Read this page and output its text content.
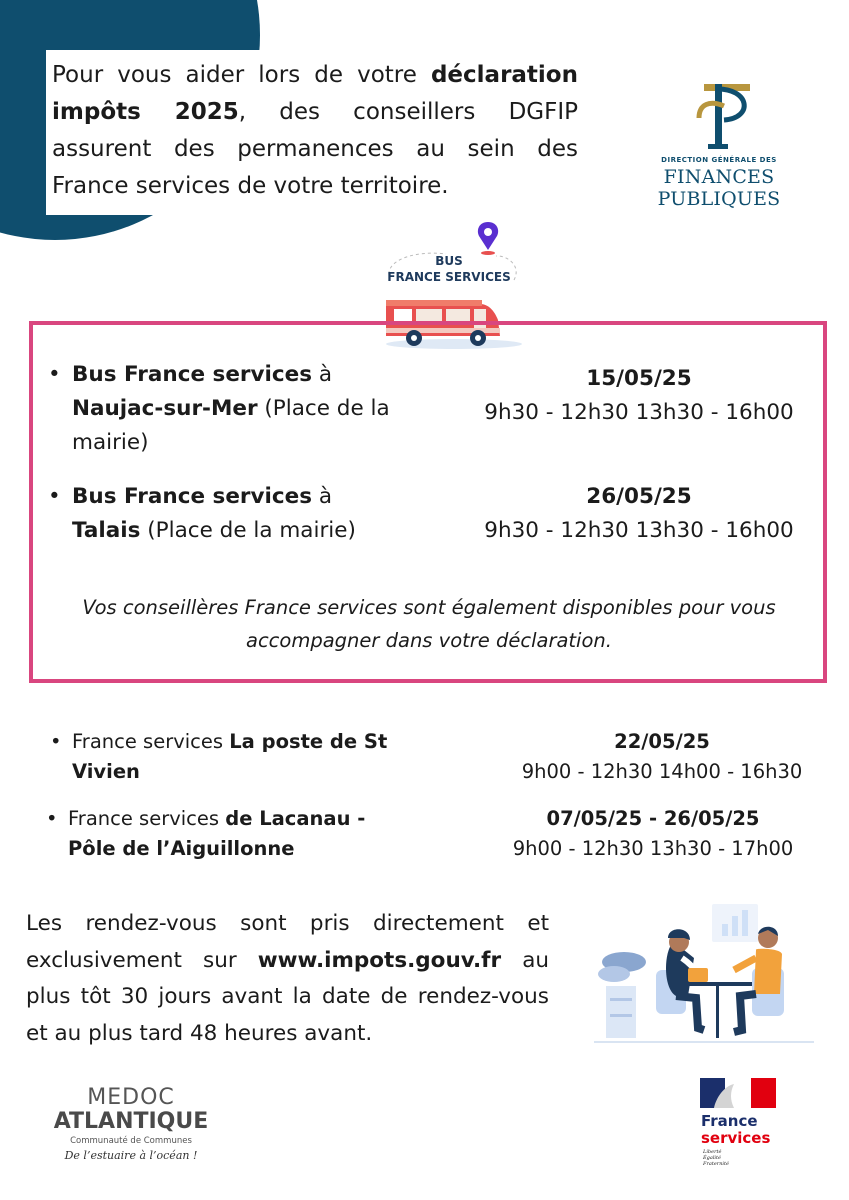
Pour vous aider lors de votre déclaration impôts 2025, des conseillers DGFIP assurent des permanences au sein des France services de votre territoire.

DIRECTION GÉNÉRALE DES
FINANCES PUBLIQUES
BUS
FRANCE SERVICES
• Bus France services à Naujac-sur-Mer (Place de la mairie)
15/05/25
9h30 - 12h30 13h30 - 16h00
• Bus France services à Talais (Place de la mairie)
26/05/25
9h30 - 12h30 13h30 - 16h00
Vos conseillères France services sont également disponibles pour vous accompagner dans votre déclaration.
• France services La poste de St Vivien
22/05/25
9h00 - 12h30 14h00 - 16h30
• France services de Lacanau - Pôle de l’Aiguillonne
07/05/25 - 26/05/25
9h00 - 12h30 13h30 - 17h00

Les rendez-vous sont pris directement et exclusivement sur www.impots.gouv.fr au plus tôt 30 jours avant la date de rendez-vous et au plus tard 48 heures avant.

MEDOC
ATLANTIQUE
Communauté de Communes
De l’estuaire à l’océan !
France
services
Liberté
Égalité
Fraternité
